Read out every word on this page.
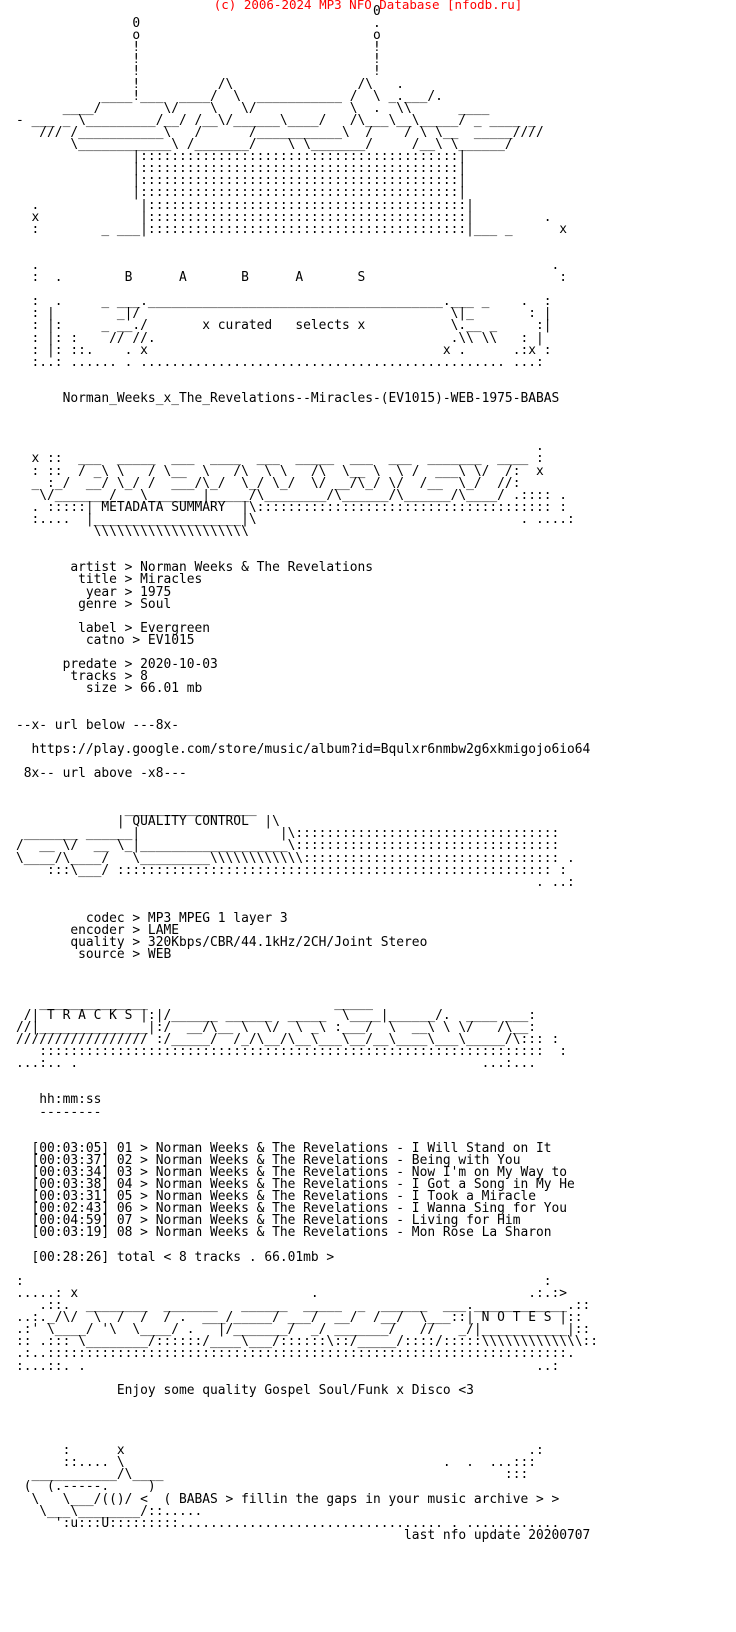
(c) 2006-2024 MP3 NFO Database [nfodb.ru]
0
0                              .
o                              o
!                              !
!                              !
!                              !
!          /\                /\   .
____!___  ____/  \  ___________ /  \ _.___/.
____/        \/    \   \/            \  .  \\      ____
- ___ _ \_________/__/ /__\/______\____/   /\___\__\_____/ _ ____ _
/// /___________\   /      /___________\  /    / \ \__  _____////
\____________\ /_______/    \ \_______/     /__\ \______/
|:::::::::::::::::::::::::::::::::::::::::|
|:::::::::::::::::::::::::::::::::::::::::|
|:::::::::::::::::::::::::::::::::::::::::|
|:::::::::::::::::::::::::::::::::::::::::|
.             |:::::::::::::::::::::::::::::::::::::::::|
x             |:::::::::::::::::::::::::::::::::::::::::|         .
:        _ ___|:::::::::::::::::::::::::::::::::::::::::|___ _      x

.                                                                  .
:  .        B      A       B      A       S                         :

:  .     _ ___.______________________________________.___ _    .  :
: |        _|/                                        \|_       : |
: |:     _ __./       x curated   selects x           \.__ _     :|
: |: :    // //.                                      .\\ \\   : |
: |: ::.    . x                                      x .      .:x :
:..: ...... . ............................................... ...:

Norman_Weeks_x_The_Revelations--Miracles-(EV1015)-WEB-1975-BABAS

.
x ::  ___  _____  ___  ____  ___  _____  ___  ___  _______  ____ :
: ::  / _\ \   / \__  \   /\  \ \   /\  \__ \  \ /  ___\ \/  /:  x
_ :_/  __/ \_/ /  ___/\_/  \_/ \_/  \/ __/\_/ \/  /__  \_/  //:
\/_______/   \_______|_____/\________/\______/\______/\____/ .:::: .
. :::::| METADATA SUMMARY  |\:::::::::::::::::::::::::::::::::::::: :
:....  |___________________|\                                  . ....:
\\\\\\\\\\\\\\\\\\\\

artist > Norman Weeks & The Revelations
title > Miracles
year > 1975
genre > Soul

label > Evergreen
catno > EV1015

predate > 2020-10-03
tracks > 8
size > 66.01 mb

--x- url below ---8x-

https://play.google.com/store/music/album?id=Bqulxr6nmbw2g6xkmigojo6io64

8x-- url above -x8---

_________________
| QUALITY CONTROL  |\
_______ ______|                  |\::::::::::::::::::::::::::::::::::
/  __ \/  __ \_|___________________\::::::::::::::::::::::::::::::::::
\____/\____/   \_________\\\\\\\\\\\\::::::::::::::::::::::::::::::::: .
:::\___/ :::::::::::::::::::::::::::::::::::::::::::::::::::::::: :
. ..:

codec > MP3 MPEG 1 layer 3
encoder > LAME
quality > 320Kbps/CBR/44.1kHz/2CH/Joint Stereo
source > WEB

______________                        _____
/| T R A C K S |:|/______ ______  _____  \____|______/.  ____ ___:
//|______________|:/  __/\__ \  \/  \ _\ :___/  \  __\ \ \/   /\__:
///////////////// :/_____/  /_/\__/\__\___\__/__\____\___\_____/\::: :
:::::::::::::::::::::::::::::::::::::::::::::::::::::::::::::::::  :
...:.. .                                                    ...:...

hh:mm:ss
--------

[00:03:05] 01 > Norman Weeks & The Revelations - I Will Stand on It
[00:03:37] 02 > Norman Weeks & The Revelations - Being with You
[00:03:34] 03 > Norman Weeks & The Revelations - Now I'm on My Way to
[00:03:38] 04 > Norman Weeks & The Revelations - I Got a Song in My He
[00:03:31] 05 > Norman Weeks & The Revelations - I Took a Miracle
[00:02:43] 06 > Norman Weeks & The Revelations - I Wanna Sing for You
[00:04:59] 07 > Norman Weeks & The Revelations - Living for Him
[00:03:19] 08 > Norman Weeks & The Revelations - Mon Rose La Sharon

[00:28:26] total < 8 tracks . 66.01mb >

:                                                                   :
.....: x                              .                           .:.:>
.::.  ________  _______   ______  _____  _  ______  ___.____________.::
..:._/\/  \  /  /  / .  ___/_____/ ___/  __/  /__/  \___::| N O T E S |::
.:' \____/ '\  \____/ .   |/_______/  _/ _______/   //   _/|___________|::
:: .::: \________/::::::/____\___/::::::\::/_____/::::/:::::\\\\\\\\\\\\\::
.:..:::::::::::::::::::::::::::::::::::::::::::::::::::::::::::::::::::.
:...::. .                                                          ..:

Enjoy some quality Gospel Soul/Funk x Disco <3

:      x                                                    .:
::.... \                                         .  .  ...:::
___________/\____                                            :::
(  (.-----.     )
\   \___/(()/ <  ( BABAS > fillin the gaps in your music archive > >
\___\________/::.....
':u:::U:::::::::.................................. . ............
last nfo update 20200707
